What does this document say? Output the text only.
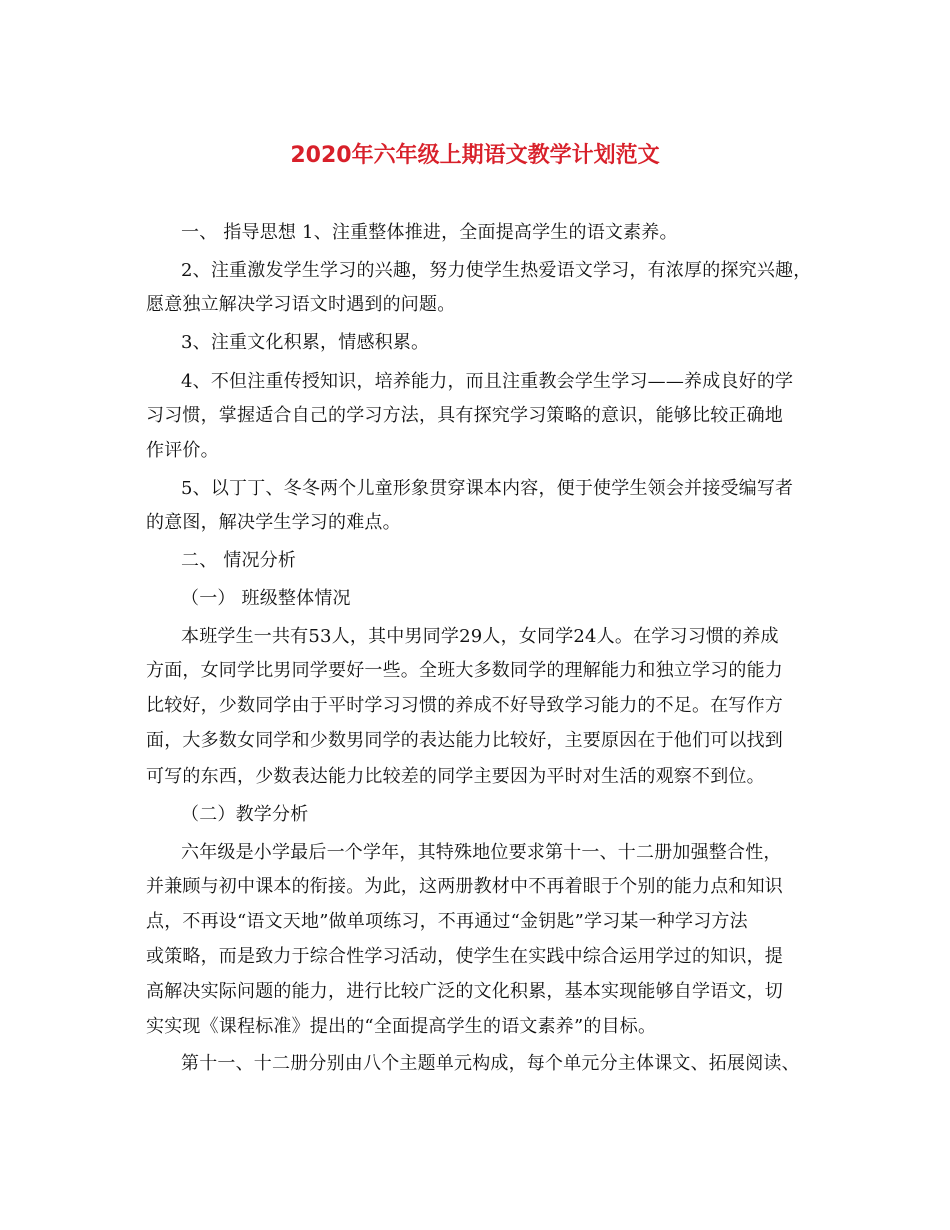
2020年六年级上期语文教学计划范文
一、 指导思想 1、注重整体推进，全面提高学生的语文素养。
2、注重激发学生学习的兴趣，努力使学生热爱语文学习，有浓厚的探究兴趣，
愿意独立解决学习语文时遇到的问题。
3、注重文化积累，情感积累。
4、不但注重传授知识，培养能力，而且注重教会学生学习——养成良好的学
习习惯，掌握适合自己的学习方法，具有探究学习策略的意识，能够比较正确地
作评价。
5、以丁丁、冬冬两个儿童形象贯穿课本内容，便于使学生领会并接受编写者
的意图，解决学生学习的难点。
二、 情况分析
（一） 班级整体情况
本班学生一共有53人，其中男同学29人，女同学24人。在学习习惯的养成
方面，女同学比男同学要好一些。全班大多数同学的理解能力和独立学习的能力
比较好，少数同学由于平时学习习惯的养成不好导致学习能力的不足。在写作方
面，大多数女同学和少数男同学的表达能力比较好，主要原因在于他们可以找到
可写的东西，少数表达能力比较差的同学主要因为平时对生活的观察不到位。
（二）教学分析
六年级是小学最后一个学年，其特殊地位要求第十一、十二册加强整合性，
并兼顾与初中课本的衔接。为此，这两册教材中不再着眼于个别的能力点和知识
点，不再设“语文天地”做单项练习，不再通过“金钥匙”学习某一种学习方法
或策略，而是致力于综合性学习活动，使学生在实践中综合运用学过的知识，提
高解决实际问题的能力，进行比较广泛的文化积累，基本实现能够自学语文，切
实实现《课程标准》提出的“全面提高学生的语文素养”的目标。
第十一、十二册分别由八个主题单元构成，每个单元分主体课文、拓展阅读、
